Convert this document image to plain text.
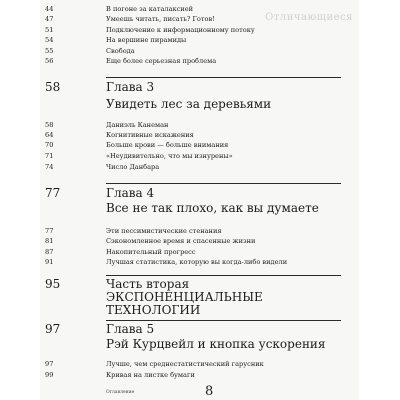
Отличающиеся
44	В погоне за каталаксией
47	Умеешь читать, писать? Готов!
51	Подключение к информационному потоку
54	На вершине пирамиды
55	Свобода
56	Еще более серьезная проблема
58	Глава 3
Увидеть лес за деревьями
58	Даниэль Канеман
64	Когнитивные искажения
70	Больше крови — больше внимания
71	«Неудивительно, что мы изнурены»
74	Число Данбара
77	Глава 4
Все не так плохо, как вы думаете
77	Эти пессимистические стенания
81	Сэкономленное время и спасенные жизни
87	Накопительный прогресс
91	Лучшая статистика, которую вы когда-либо видели
95	Часть вторая
ЭКСПОНЕНЦИАЛЬНЫЕ
ТЕХНОЛОГИИ
97	Глава 5
Рэй Курцвейл и кнопка ускорения
97	Лучше, чем среднестатистический гарусник
99	Кривая на листке бумаги
Оглавление	8
